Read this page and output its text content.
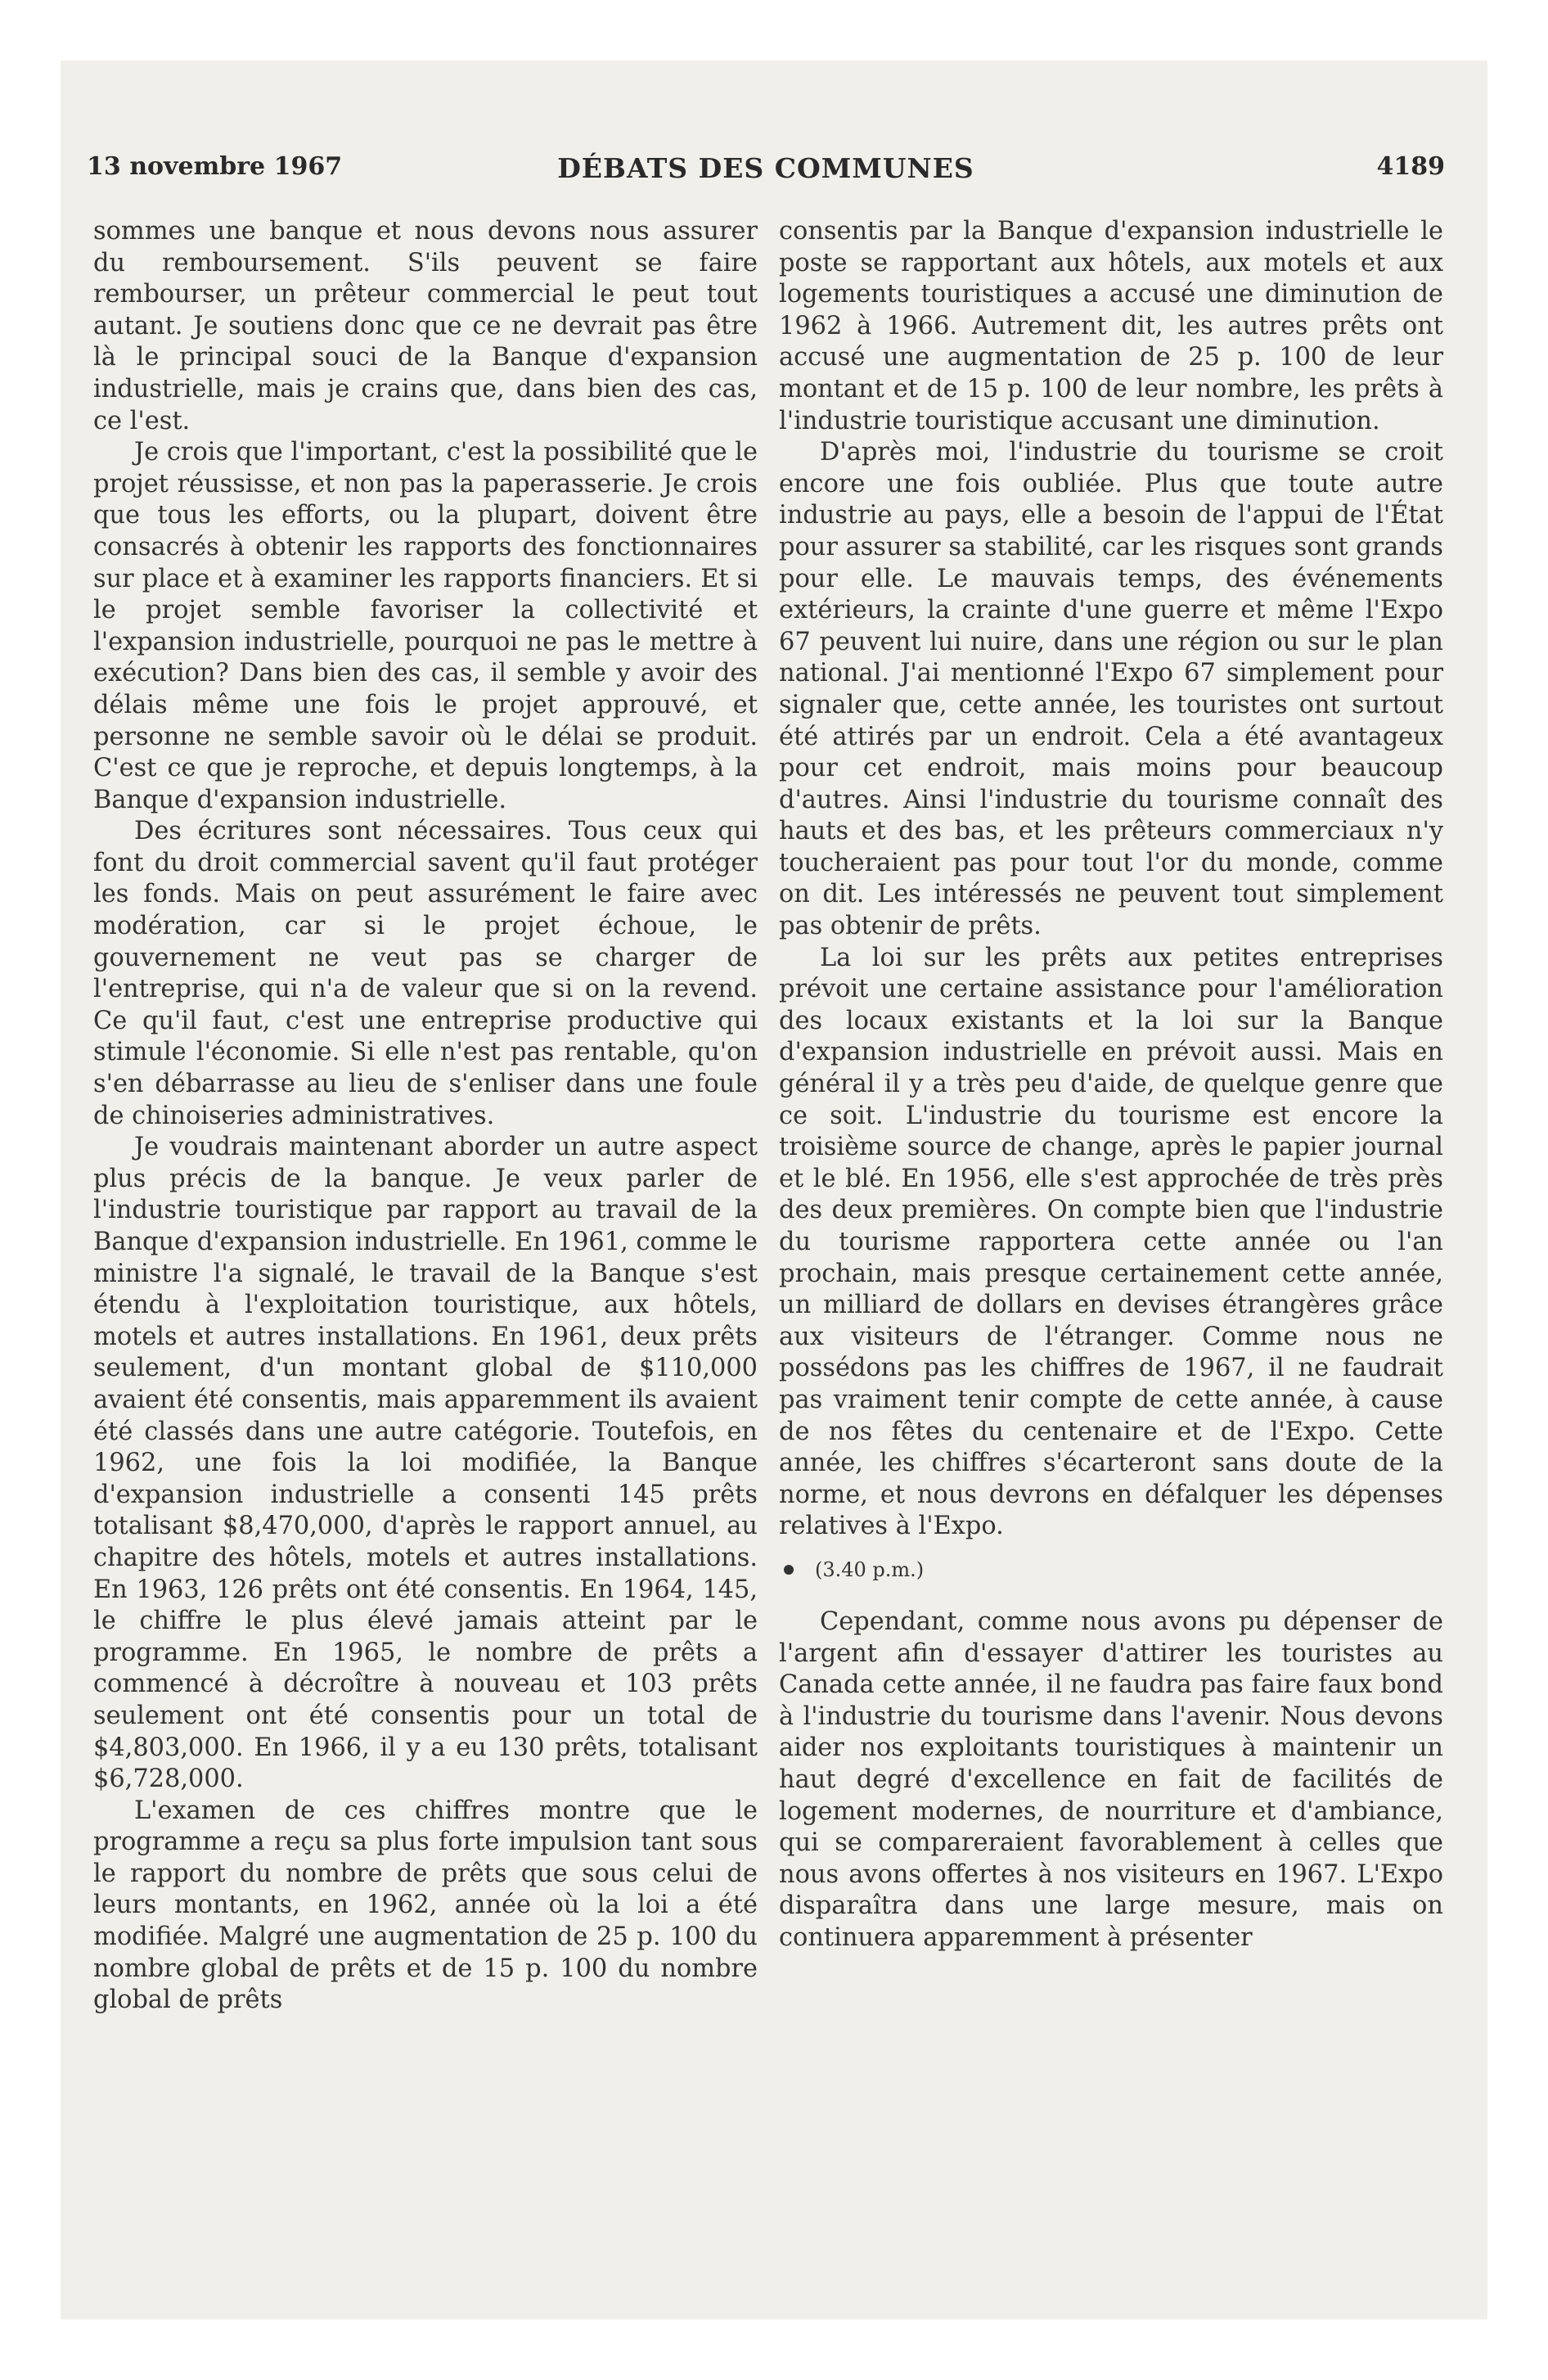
13 novembre 1967	DÉBATS DES COMMUNES	4189

sommes une banque et nous devons nous assurer du remboursement. S'ils peuvent se faire rembourser, un prêteur commercial le peut tout autant. Je soutiens donc que ce ne devrait pas être là le principal souci de la Banque d'expansion industrielle, mais je crains que, dans bien des cas, ce l'est.

Je crois que l'important, c'est la possibilité que le projet réussisse, et non pas la paperasserie. Je crois que tous les efforts, ou la plupart, doivent être consacrés à obtenir les rapports des fonctionnaires sur place et à examiner les rapports financiers. Et si le projet semble favoriser la collectivité et l'expansion industrielle, pourquoi ne pas le mettre à exécution? Dans bien des cas, il semble y avoir des délais même une fois le projet approuvé, et personne ne semble savoir où le délai se produit. C'est ce que je reproche, et depuis longtemps, à la Banque d'expansion industrielle.

Des écritures sont nécessaires. Tous ceux qui font du droit commercial savent qu'il faut protéger les fonds. Mais on peut assurément le faire avec modération, car si le projet échoue, le gouvernement ne veut pas se charger de l'entreprise, qui n'a de valeur que si on la revend. Ce qu'il faut, c'est une entreprise productive qui stimule l'économie. Si elle n'est pas rentable, qu'on s'en débarrasse au lieu de s'enliser dans une foule de chinoiseries administratives.

Je voudrais maintenant aborder un autre aspect plus précis de la banque. Je veux parler de l'industrie touristique par rapport au travail de la Banque d'expansion industrielle. En 1961, comme le ministre l'a signalé, le travail de la Banque s'est étendu à l'exploitation touristique, aux hôtels, motels et autres installations. En 1961, deux prêts seulement, d'un montant global de $110,000 avaient été consentis, mais apparemment ils avaient été classés dans une autre catégorie. Toutefois, en 1962, une fois la loi modifiée, la Banque d'expansion industrielle a consenti 145 prêts totalisant $8,470,000, d'après le rapport annuel, au chapitre des hôtels, motels et autres installations. En 1963, 126 prêts ont été consentis. En 1964, 145, le chiffre le plus élevé jamais atteint par le programme. En 1965, le nombre de prêts a commencé à décroître à nouveau et 103 prêts seulement ont été consentis pour un total de $4,803,000. En 1966, il y a eu 130 prêts, totalisant $6,728,000.

L'examen de ces chiffres montre que le programme a reçu sa plus forte impulsion tant sous le rapport du nombre de prêts que sous celui de leurs montants, en 1962, année où la loi a été modifiée. Malgré une augmentation de 25 p. 100 du nombre global de prêts et de 15 p. 100 du nombre global de prêts

consentis par la Banque d'expansion industrielle le poste se rapportant aux hôtels, aux motels et aux logements touristiques a accusé une diminution de 1962 à 1966. Autrement dit, les autres prêts ont accusé une augmentation de 25 p. 100 de leur montant et de 15 p. 100 de leur nombre, les prêts à l'industrie touristique accusant une diminution.

D'après moi, l'industrie du tourisme se croit encore une fois oubliée. Plus que toute autre industrie au pays, elle a besoin de l'appui de l'État pour assurer sa stabilité, car les risques sont grands pour elle. Le mauvais temps, des événements extérieurs, la crainte d'une guerre et même l'Expo 67 peuvent lui nuire, dans une région ou sur le plan national. J'ai mentionné l'Expo 67 simplement pour signaler que, cette année, les touristes ont surtout été attirés par un endroit. Cela a été avantageux pour cet endroit, mais moins pour beaucoup d'autres. Ainsi l'industrie du tourisme connaît des hauts et des bas, et les prêteurs commerciaux n'y toucheraient pas pour tout l'or du monde, comme on dit. Les intéressés ne peuvent tout simplement pas obtenir de prêts.

La loi sur les prêts aux petites entreprises prévoit une certaine assistance pour l'amélioration des locaux existants et la loi sur la Banque d'expansion industrielle en prévoit aussi. Mais en général il y a très peu d'aide, de quelque genre que ce soit. L'industrie du tourisme est encore la troisième source de change, après le papier journal et le blé. En 1956, elle s'est approchée de très près des deux premières. On compte bien que l'industrie du tourisme rapportera cette année ou l'an prochain, mais presque certainement cette année, un milliard de dollars en devises étrangères grâce aux visiteurs de l'étranger. Comme nous ne possédons pas les chiffres de 1967, il ne faudrait pas vraiment tenir compte de cette année, à cause de nos fêtes du centenaire et de l'Expo. Cette année, les chiffres s'écarteront sans doute de la norme, et nous devrons en défalquer les dépenses relatives à l'Expo.

(3.40 p.m.)

Cependant, comme nous avons pu dépenser de l'argent afin d'essayer d'attirer les touristes au Canada cette année, il ne faudra pas faire faux bond à l'industrie du tourisme dans l'avenir. Nous devons aider nos exploitants touristiques à maintenir un haut degré d'excellence en fait de facilités de logement modernes, de nourriture et d'ambiance, qui se compareraient favorablement à celles que nous avons offertes à nos visiteurs en 1967. L'Expo disparaîtra dans une large mesure, mais on continuera apparemment à présenter
